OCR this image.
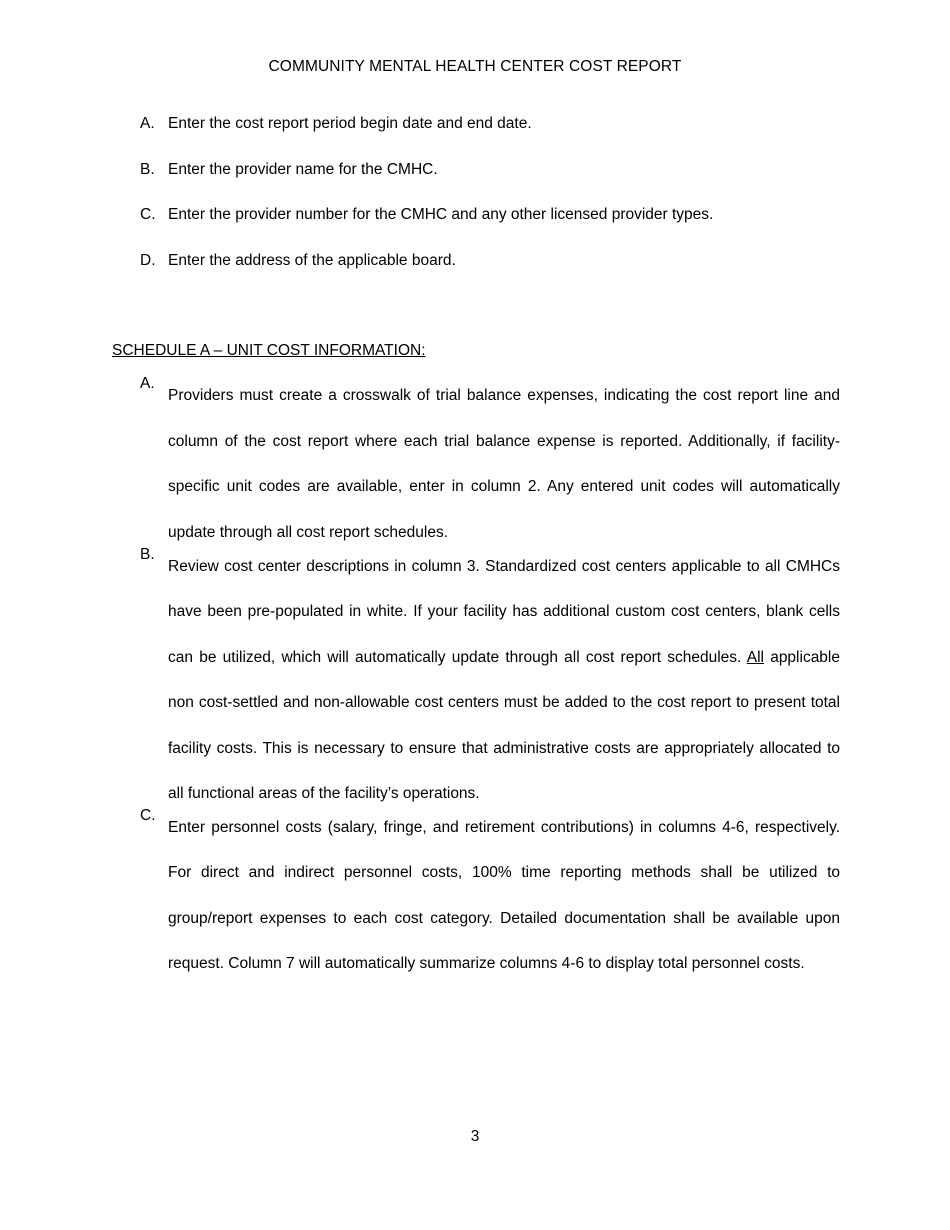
COMMUNITY MENTAL HEALTH CENTER COST REPORT
A. Enter the cost report period begin date and end date.
B. Enter the provider name for the CMHC.
C. Enter the provider number for the CMHC and any other licensed provider types.
D. Enter the address of the applicable board.
SCHEDULE A – UNIT COST INFORMATION:
A.
Providers must create a crosswalk of trial balance expenses, indicating the cost report line and column of the cost report where each trial balance expense is reported. Additionally, if facility-specific unit codes are available, enter in column 2. Any entered unit codes will automatically update through all cost report schedules.
B.
Review cost center descriptions in column 3. Standardized cost centers applicable to all CMHCs have been pre-populated in white. If your facility has additional custom cost centers, blank cells can be utilized, which will automatically update through all cost report schedules. All applicable non cost-settled and non-allowable cost centers must be added to the cost report to present total facility costs. This is necessary to ensure that administrative costs are appropriately allocated to all functional areas of the facility’s operations.
C.
Enter personnel costs (salary, fringe, and retirement contributions) in columns 4-6, respectively. For direct and indirect personnel costs, 100% time reporting methods shall be utilized to group/report expenses to each cost category. Detailed documentation shall be available upon request. Column 7 will automatically summarize columns 4-6 to display total personnel costs.
3
